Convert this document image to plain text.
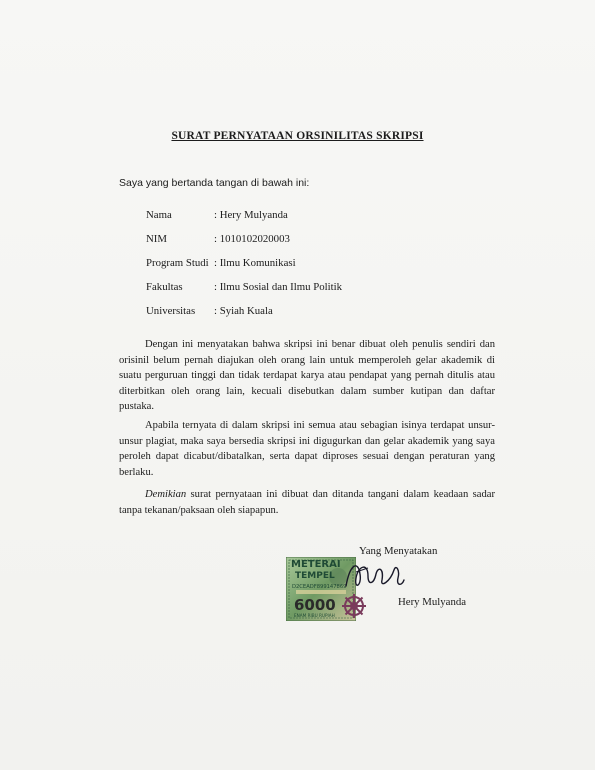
SURAT PERNYATAAN ORSINILITAS SKRIPSI
Saya yang bertanda tangan di bawah ini:
Nama	: Hery Mulyanda
NIM	: 1010102020003
Program Studi : Ilmu Komunikasi
Fakultas	: Ilmu Sosial dan Ilmu Politik
Universitas	: Syiah Kuala
Dengan ini menyatakan bahwa skripsi ini benar dibuat oleh penulis sendiri dan orisinil belum pernah diajukan oleh orang lain untuk memperoleh gelar akademik di suatu perguruan tinggi dan tidak terdapat karya atau pendapat yang pernah ditulis atau diterbitkan oleh orang lain, kecuali disebutkan dalam sumber kutipan dan daftar pustaka.
Apabila ternyata di dalam skripsi ini semua atau sebagian isinya terdapat unsur-unsur plagiat, maka saya bersedia skripsi ini digugurkan dan gelar akademik yang saya peroleh dapat dicabut/dibatalkan, serta dapat diproses sesuai dengan peraturan yang berlaku.
Demikian surat pernyataan ini dibuat dan ditanda tangani dalam keadaan sadar tanpa tekanan/paksaan oleh siapapun.
Yang Menyatakan
METERAI
TEMPEL
D2CEADF899147869
6000
ENAM RIBU RUPIAH
Hery Mulyanda
